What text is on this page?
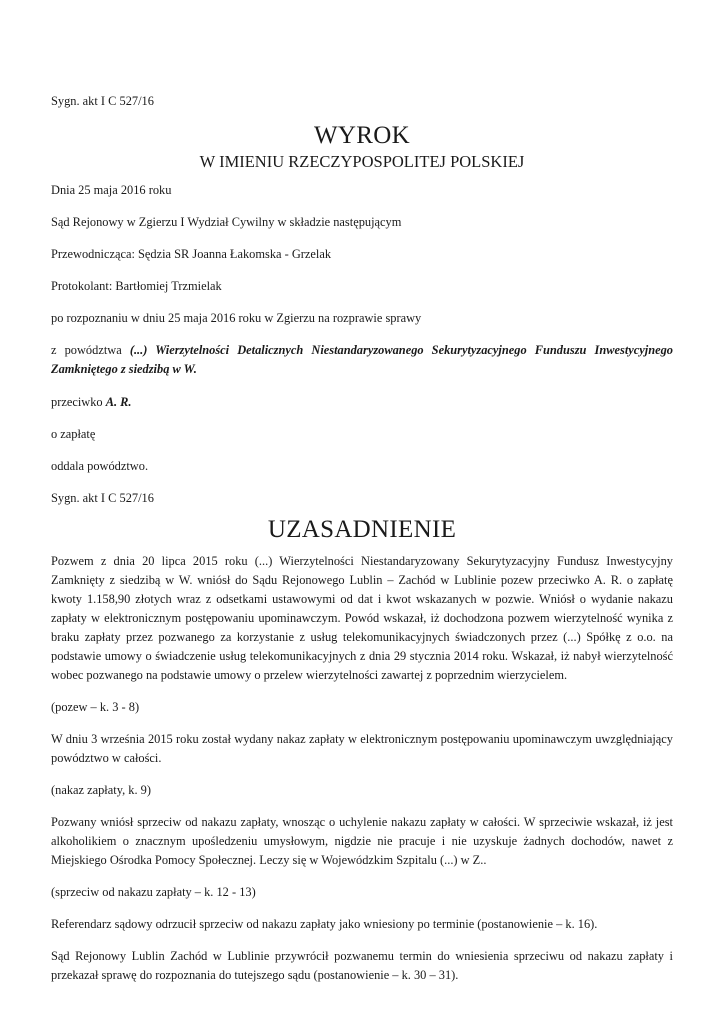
Sygn. akt I C 527/16

WYROK
W IMIENIU RZECZYPOSPOLITEJ POLSKIEJ

Dnia 25 maja 2016 roku

Sąd Rejonowy w Zgierzu I Wydział Cywilny w składzie następującym

Przewodnicząca: Sędzia SR Joanna Łakomska - Grzelak

Protokolant: Bartłomiej Trzmielak

po rozpoznaniu w dniu 25 maja 2016 roku w Zgierzu na rozprawie sprawy

z powództwa (...) Wierzytelności Detalicznych Niestandaryzowanego Sekurytyzacyjnego Funduszu Inwestycyjnego Zamkniętego z siedzibą w W.

przeciwko A. R.

o zapłatę

oddala powództwo.

Sygn. akt I C 527/16

UZASADNIENIE

Pozwem z dnia 20 lipca 2015 roku (...) Wierzytelności Niestandaryzowany Sekurytyzacyjny Fundusz Inwestycyjny Zamknięty z siedzibą w W. wniósł do Sądu Rejonowego Lublin – Zachód w Lublinie pozew przeciwko A. R. o zapłatę kwoty 1.158,90 złotych wraz z odsetkami ustawowymi od dat i kwot wskazanych w pozwie. Wniósł o wydanie nakazu zapłaty w elektronicznym postępowaniu upominawczym. Powód wskazał, iż dochodzona pozwem wierzytelność wynika z braku zapłaty przez pozwanego za korzystanie z usług telekomunikacyjnych świadczonych przez (...) Spółkę z o.o. na podstawie umowy o świadczenie usług telekomunikacyjnych z dnia 29 stycznia 2014 roku. Wskazał, iż nabył wierzytelność wobec pozwanego na podstawie umowy o przelew wierzytelności zawartej z poprzednim wierzycielem.

(pozew – k. 3 - 8)

W dniu 3 września 2015 roku został wydany nakaz zapłaty w elektronicznym postępowaniu upominawczym uwzględniający powództwo w całości.

(nakaz zapłaty, k. 9)

Pozwany wniósł sprzeciw od nakazu zapłaty, wnosząc o uchylenie nakazu zapłaty w całości. W sprzeciwie wskazał, iż jest alkoholikiem o znacznym upośledzeniu umysłowym, nigdzie nie pracuje i nie uzyskuje żadnych dochodów, nawet z Miejskiego Ośrodka Pomocy Społecznej. Leczy się w Wojewódzkim Szpitalu (...) w Z..

(sprzeciw od nakazu zapłaty – k. 12 - 13)

Referendarz sądowy odrzucił sprzeciw od nakazu zapłaty jako wniesiony po terminie (postanowienie – k. 16).

Sąd Rejonowy Lublin Zachód w Lublinie przywrócił pozwanemu termin do wniesienia sprzeciwu od nakazu zapłaty i przekazał sprawę do rozpoznania do tutejszego sądu (postanowienie – k. 30 – 31).
